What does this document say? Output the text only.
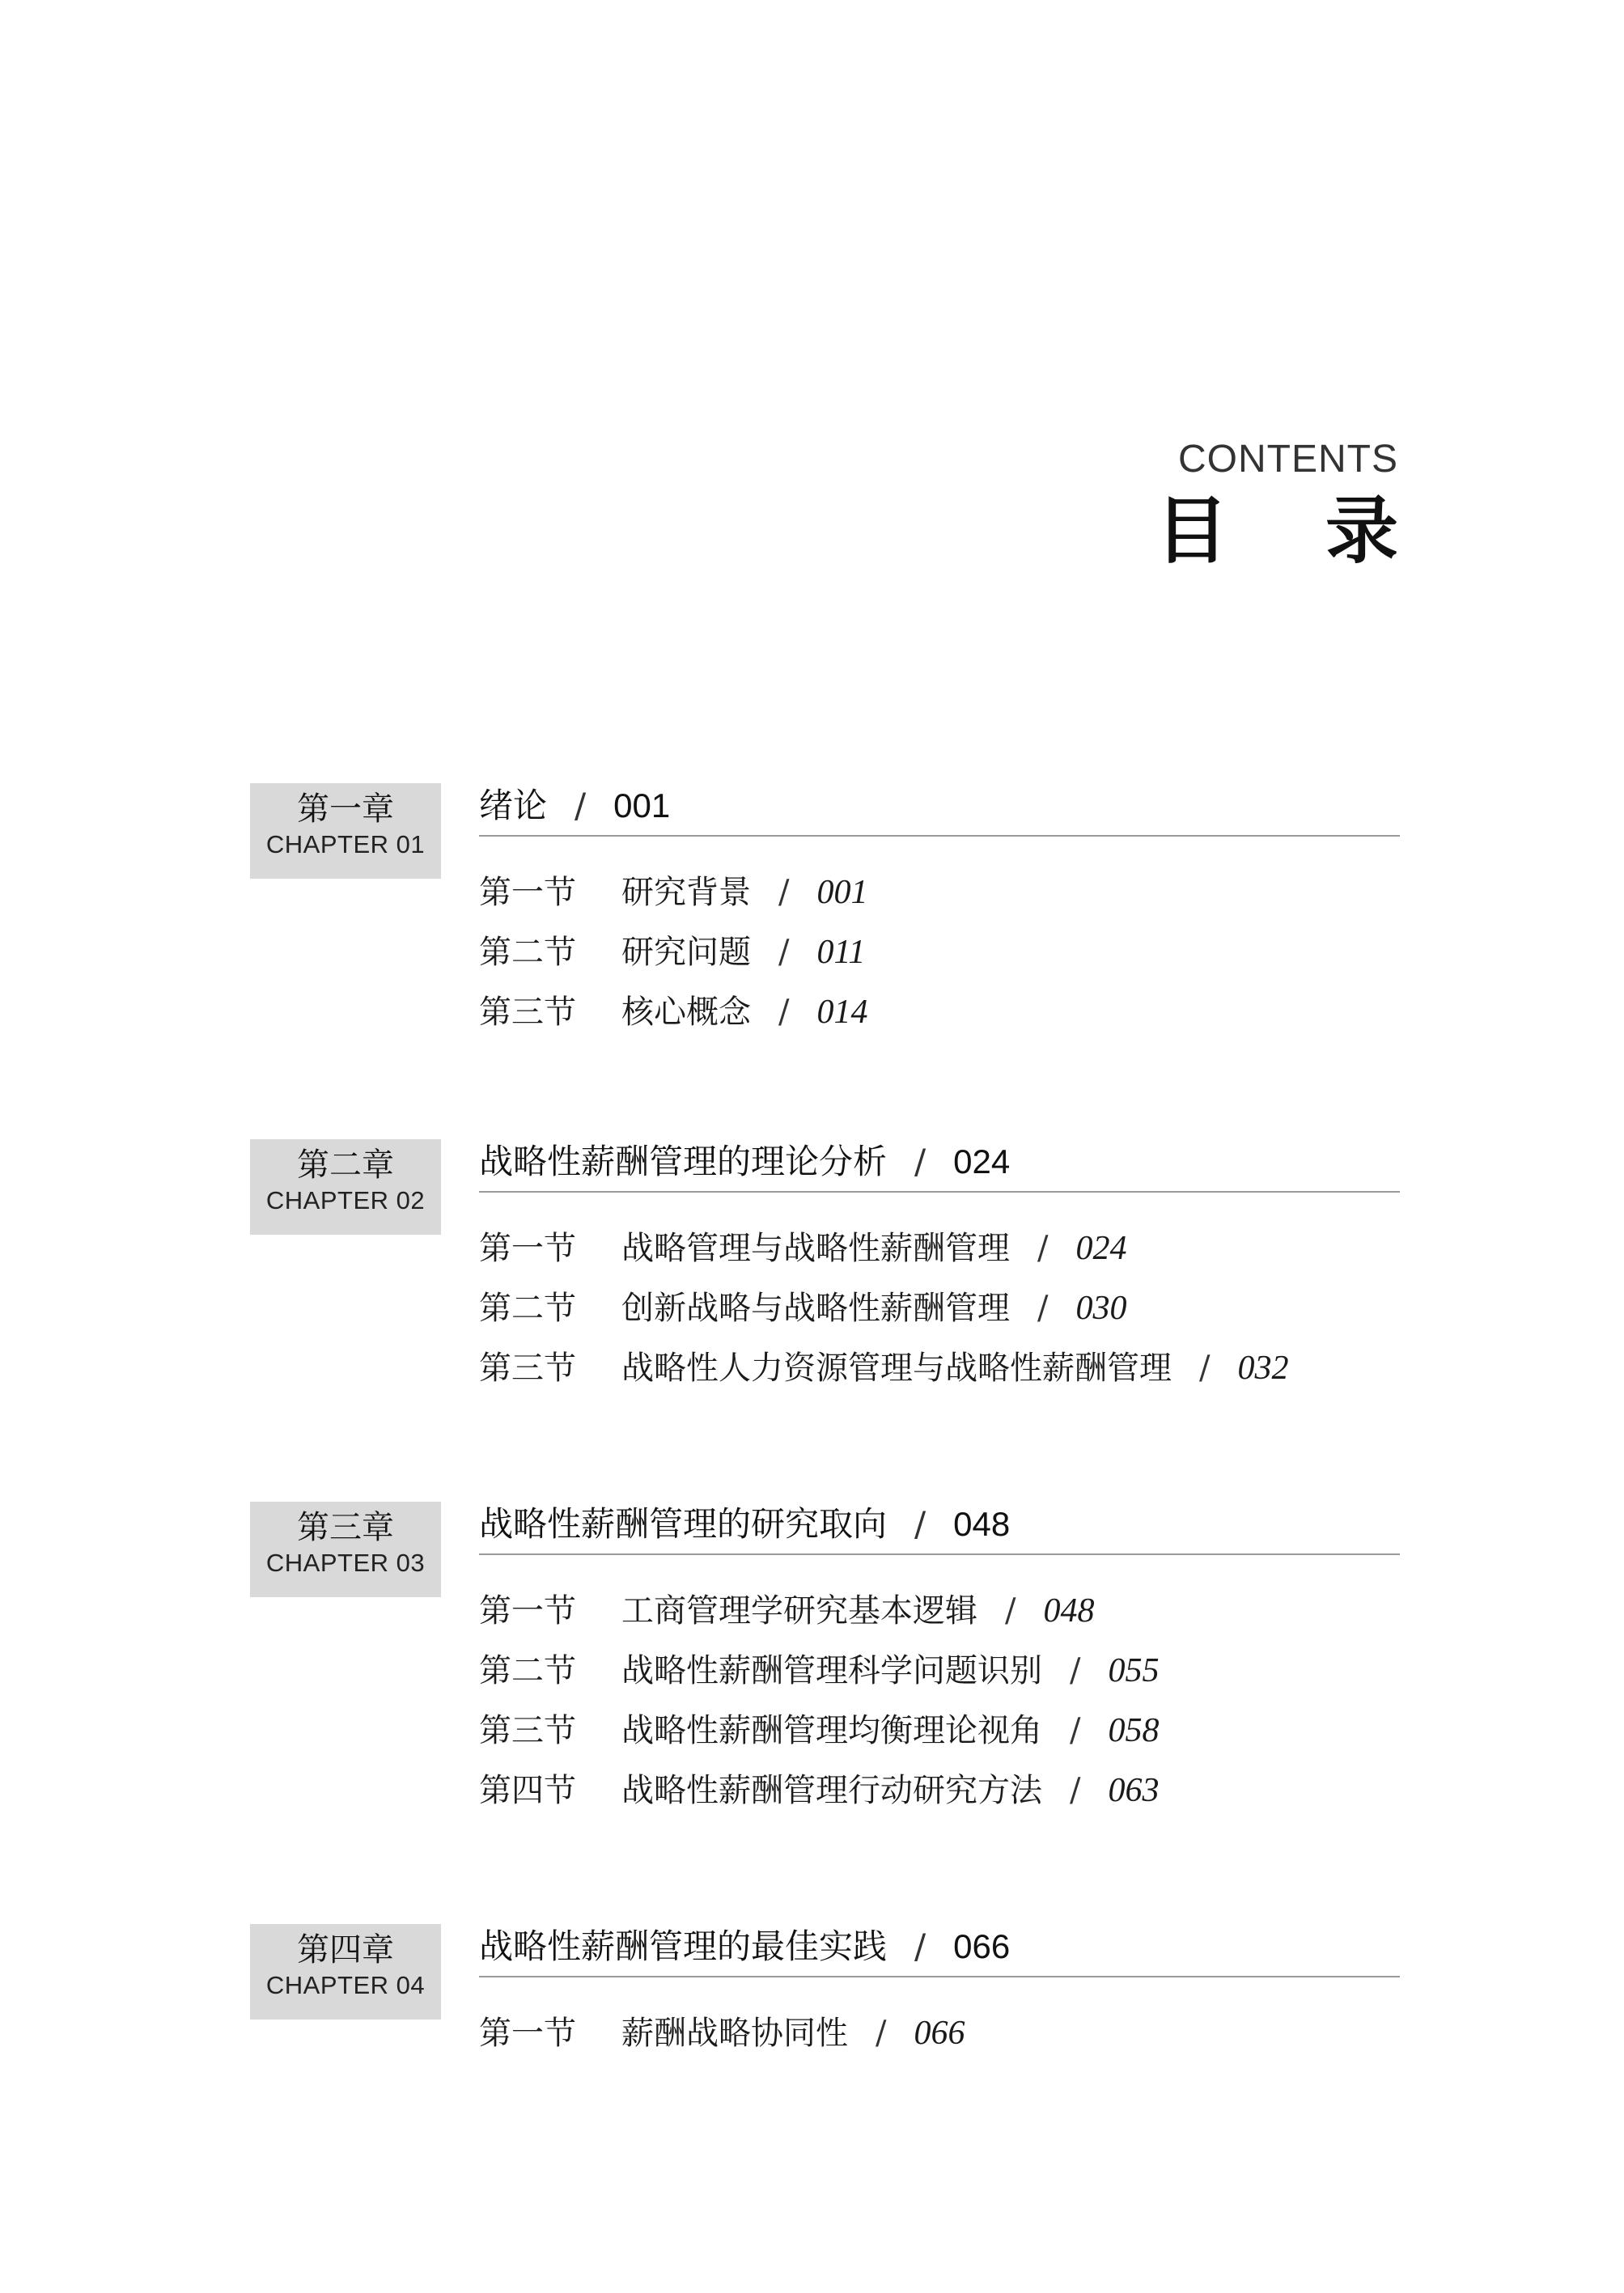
CONTENTS
目 录
第一章
CHAPTER 01
绪论 / 001
第一节 研究背景 / 001
第二节 研究问题 / 011
第三节 核心概念 / 014
第二章
CHAPTER 02
战略性薪酬管理的理论分析 / 024
第一节 战略管理与战略性薪酬管理 / 024
第二节 创新战略与战略性薪酬管理 / 030
第三节 战略性人力资源管理与战略性薪酬管理 / 032
第三章
CHAPTER 03
战略性薪酬管理的研究取向 / 048
第一节 工商管理学研究基本逻辑 / 048
第二节 战略性薪酬管理科学问题识别 / 055
第三节 战略性薪酬管理均衡理论视角 / 058
第四节 战略性薪酬管理行动研究方法 / 063
第四章
CHAPTER 04
战略性薪酬管理的最佳实践 / 066
第一节 薪酬战略协同性 / 066
